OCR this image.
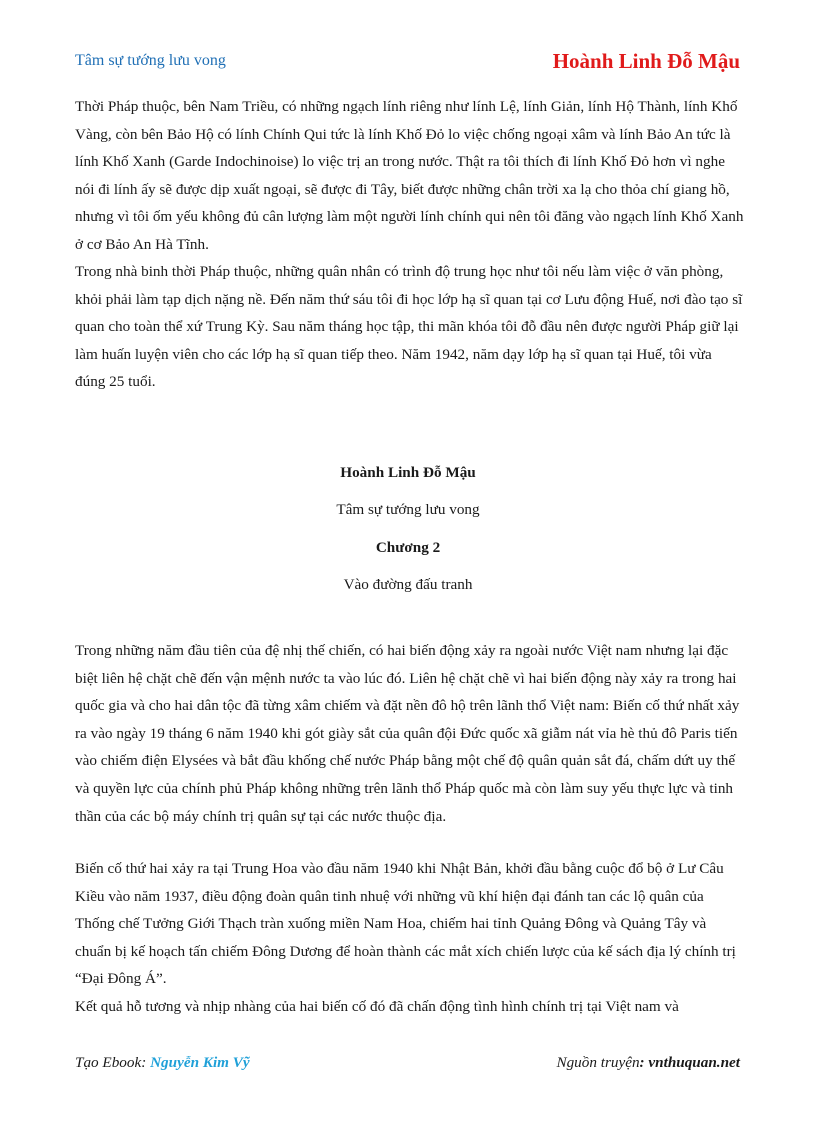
Tâm sự tướng lưu vong	Hoành Linh Đỗ Mậu

Thời Pháp thuộc, bên Nam Triều, có những ngạch lính riêng như lính Lệ, lính Giản, lính Hộ Thành, lính Khố Vàng, còn bên Bảo Hộ có lính Chính Qui tức là lính Khố Đỏ lo việc chống ngoại xâm và lính Bảo An tức là lính Khố Xanh (Garde Indochinoise) lo việc trị an trong nước. Thật ra tôi thích đi lính Khố Đỏ hơn vì nghe nói đi lính ấy sẽ được dịp xuất ngoại, sẽ được đi Tây, biết được những chân trời xa lạ cho thỏa chí giang hồ, nhưng vì tôi ốm yếu không đủ cân lượng làm một người lính chính qui nên tôi đăng vào ngạch lính Khố Xanh ở cơ Bảo An Hà Tĩnh.

Trong nhà binh thời Pháp thuộc, những quân nhân có trình độ trung học như tôi nếu làm việc ở văn phòng, khỏi phải làm tạp dịch nặng nề. Đến năm thứ sáu tôi đi học lớp hạ sĩ quan tại cơ Lưu động Huế, nơi đào tạo sĩ quan cho toàn thể xứ Trung Kỳ. Sau năm tháng học tập, thi mãn khóa tôi đỗ đầu nên được người Pháp giữ lại làm huấn luyện viên cho các lớp hạ sĩ quan tiếp theo. Năm 1942, năm dạy lớp hạ sĩ quan tại Huế, tôi vừa đúng 25 tuổi.

Hoành Linh Đỗ Mậu
Tâm sự tướng lưu vong
Chương 2
Vào đường đấu tranh

Trong những năm đầu tiên của đệ nhị thế chiến, có hai biến động xảy ra ngoài nước Việt nam nhưng lại đặc biệt liên hệ chặt chẽ đến vận mệnh nước ta vào lúc đó. Liên hệ chặt chẽ vì hai biến động này xảy ra trong hai quốc gia và cho hai dân tộc đã từng xâm chiếm và đặt nền đô hộ trên lãnh thổ Việt nam: Biến cố thứ nhất xảy ra vào ngày 19 tháng 6 năm 1940 khi gót giày sắt của quân đội Đức quốc xã giẫm nát vỉa hè thủ đô Paris tiến vào chiếm điện Elysées và bắt đầu khống chế nước Pháp bằng một chế độ quân quản sắt đá, chấm dứt uy thế và quyền lực của chính phủ Pháp không những trên lãnh thổ Pháp quốc mà còn làm suy yếu thực lực và tinh thần của các bộ máy chính trị quân sự tại các nước thuộc địa.

Biến cố thứ hai xảy ra tại Trung Hoa vào đầu năm 1940 khi Nhật Bản, khởi đầu bằng cuộc đổ bộ ở Lư Câu Kiều vào năm 1937, điều động đoàn quân tinh nhuệ với những vũ khí hiện đại đánh tan các lộ quân của Thống chế Tưởng Giới Thạch tràn xuống miền Nam Hoa, chiếm hai tỉnh Quảng Đông và Quảng Tây và chuẩn bị kế hoạch tấn chiếm Đông Dương để hoàn thành các mắt xích chiến lược của kế sách địa lý chính trị “Đại Đông Á”.

Kết quả hỗ tương và nhịp nhàng của hai biến cố đó đã chấn động tình hình chính trị tại Việt nam và

Tạo Ebook: Nguyễn Kim Vỹ	Nguồn truyện: vnthuquan.net
